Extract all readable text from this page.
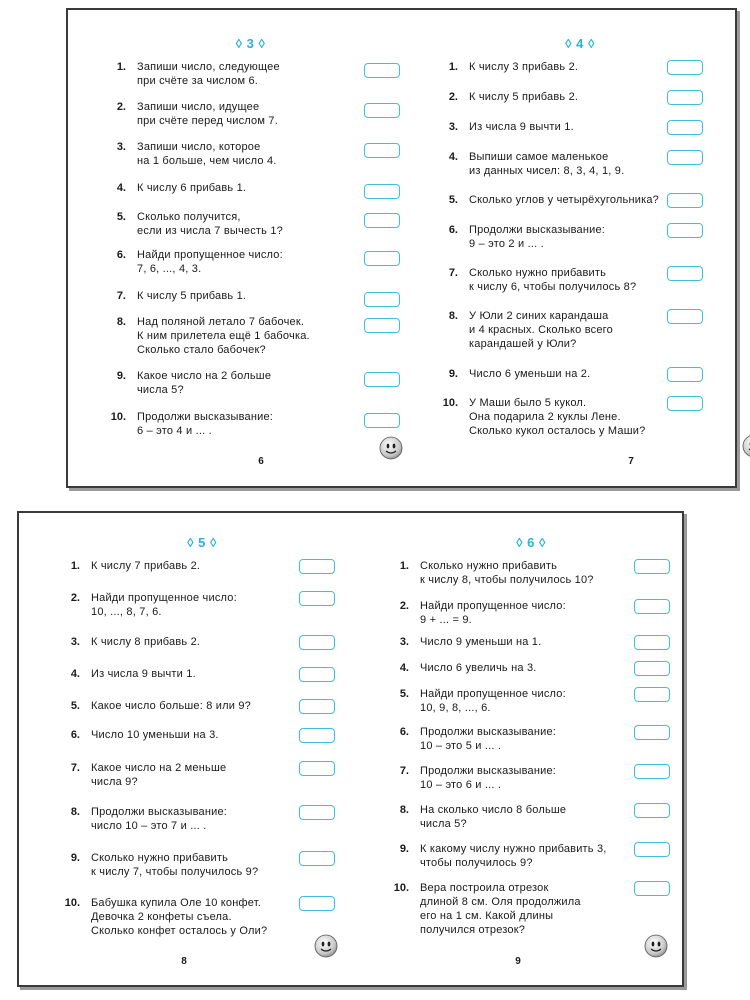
◊ 3 ◊
1. Запиши число, следующее
при счёте за числом 6.
2. Запиши число, идущее
при счёте перед числом 7.
3. Запиши число, которое
на 1 больше, чем число 4.
4. К числу 6 прибавь 1.
5. Сколько получится,
если из числа 7 вычесть 1?
6. Найди пропущенное число:
7, 6, ..., 4, 3.
7. К числу 5 прибавь 1.
8. Над поляной летало 7 бабочек.
К ним прилетела ещё 1 бабочка.
Сколько стало бабочек?
9. Какое число на 2 больше
числа 5?
10. Продолжи высказывание:
6 – это 4 и ... .
6
◊ 4 ◊
1. К числу 3 прибавь 2.
2. К числу 5 прибавь 2.
3. Из числа 9 вычти 1.
4. Выпиши самое маленькое
из данных чисел: 8, 3, 4, 1, 9.
5. Сколько углов у четырёхугольника?
6. Продолжи высказывание:
9 – это 2 и ... .
7. Сколько нужно прибавить
к числу 6, чтобы получилось 8?
8. У Юли 2 синих карандаша
и 4 красных. Сколько всего
карандашей у Юли?
9. Число 6 уменьши на 2.
10. У Маши было 5 кукол.
Она подарила 2 куклы Лене.
Сколько кукол осталось у Маши?
7
◊ 5 ◊
1. К числу 7 прибавь 2.
2. Найди пропущенное число:
10, ..., 8, 7, 6.
3. К числу 8 прибавь 2.
4. Из числа 9 вычти 1.
5. Какое число больше: 8 или 9?
6. Число 10 уменьши на 3.
7. Какое число на 2 меньше
числа 9?
8. Продолжи высказывание:
число 10 – это 7 и ... .
9. Сколько нужно прибавить
к числу 7, чтобы получилось 9?
10. Бабушка купила Оле 10 конфет.
Девочка 2 конфеты съела.
Сколько конфет осталось у Оли?
8
◊ 6 ◊
1. Сколько нужно прибавить
к числу 8, чтобы получилось 10?
2. Найди пропущенное число:
9 + ... = 9.
3. Число 9 уменьши на 1.
4. Число 6 увеличь на 3.
5. Найди пропущенное число:
10, 9, 8, ..., 6.
6. Продолжи высказывание:
10 – это 5 и ... .
7. Продолжи высказывание:
10 – это 6 и ... .
8. На сколько число 8 больше
числа 5?
9. К какому числу нужно прибавить 3,
чтобы получилось 9?
10. Вера построила отрезок
длиной 8 см. Оля продолжила
его на 1 см. Какой длины
получился отрезок?
9
